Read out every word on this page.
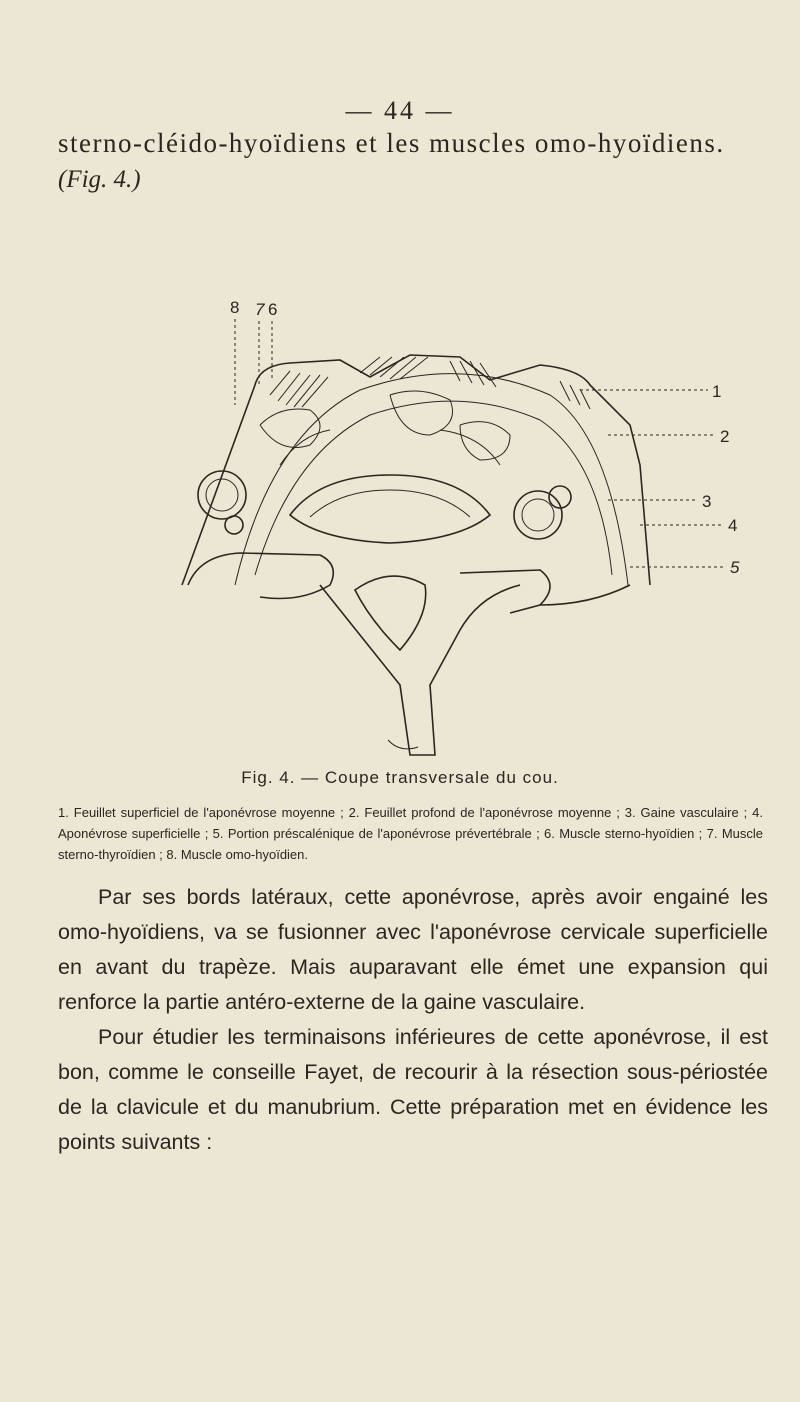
— 44 —
sterno-cléido-hyoïdiens et les muscles omo-hyoïdiens.
(Fig. 4.)
8 7 6
1
2
3
4
5
Fig. 4. — Coupe transversale du cou.
1. Feuillet superficiel de l'aponévrose moyenne ; 2. Feuillet profond de l'aponévrose moyenne ; 3. Gaine vasculaire ; 4. Aponévrose superficielle ; 5. Portion préscalénique de l'aponévrose prévertébrale ; 6. Muscle sterno-hyoïdien ; 7. Muscle sterno-thyroïdien ; 8. Muscle omo-hyoïdien.

Par ses bords latéraux, cette aponévrose, après avoir engainé les omo-hyoïdiens, va se fusionner avec l'aponévrose cervicale superficielle en avant du trapèze. Mais auparavant elle émet une expansion qui renforce la partie antéro-externe de la gaine vasculaire.

Pour étudier les terminaisons inférieures de cette aponévrose, il est bon, comme le conseille Fayet, de recourir à la résection sous-périostée de la clavicule et du manubrium. Cette préparation met en évidence les points suivants :
